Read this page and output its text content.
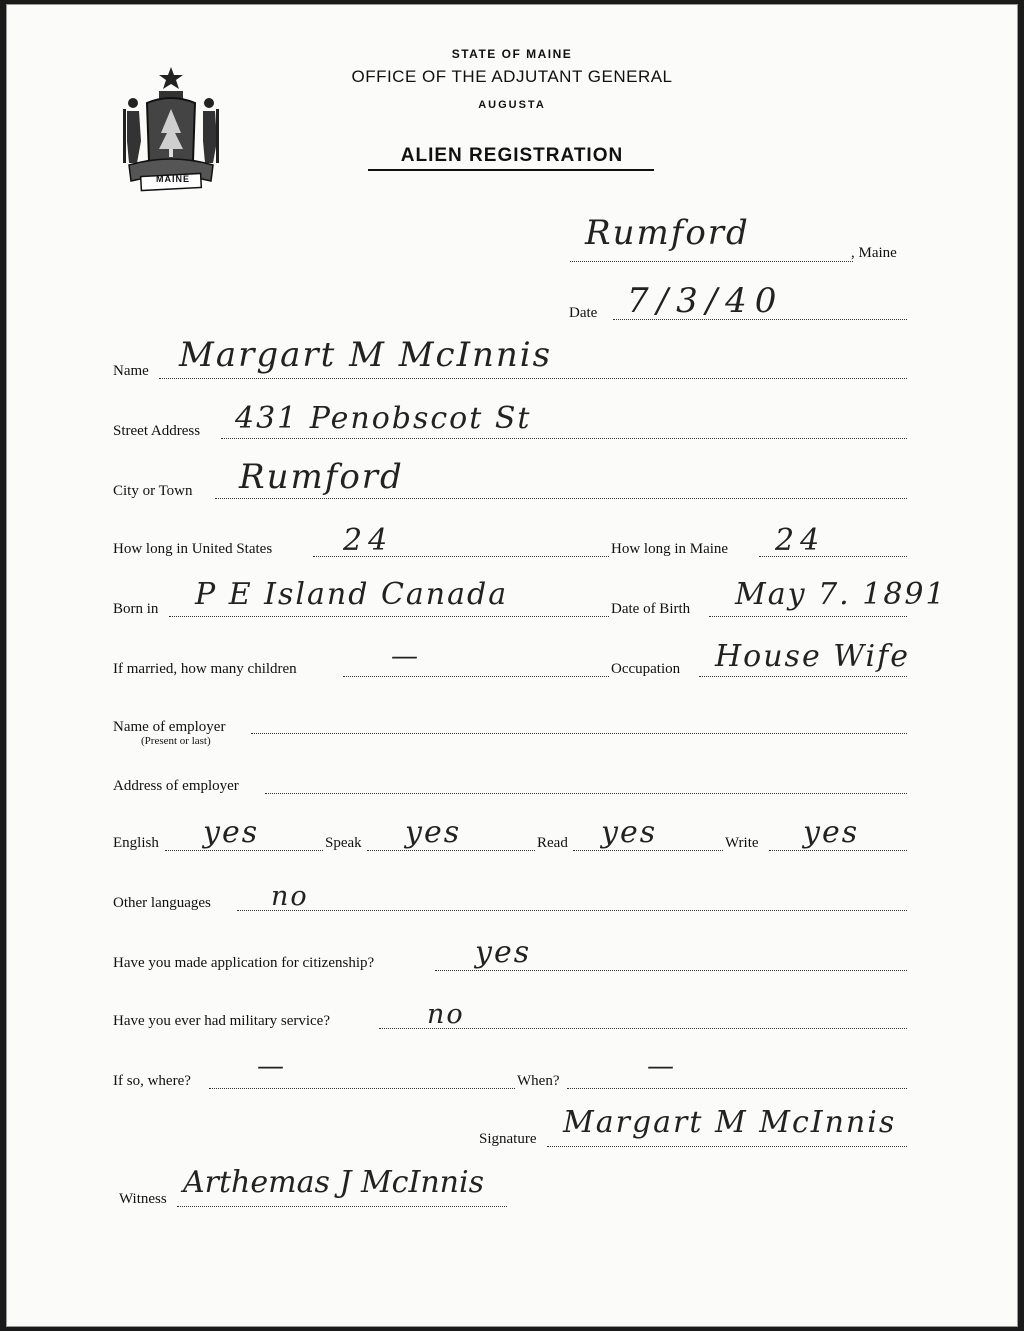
MAINE
STATE OF MAINE
OFFICE OF THE ADJUTANT GENERAL
AUGUSTA
ALIEN REGISTRATION
Rumford	, Maine
Date 7/3/40
Name Margart M McInnis
Street Address 431 Penobscot St
City or Town Rumford
How long in United States 24	How long in Maine 24
Born in P E Island Canada	Date of Birth May 7. 1891
If married, how many children	—	Occupation House Wife
Name of employer
(Present or last)
Address of employer
English yes	Speak yes	Read yes	Write yes
Other languages no
Have you made application for citizenship?	yes
Have you ever had military service?	no
If so, where? —	When?	—
Signature Margart M McInnis
Witness Arthemas J McInnis
